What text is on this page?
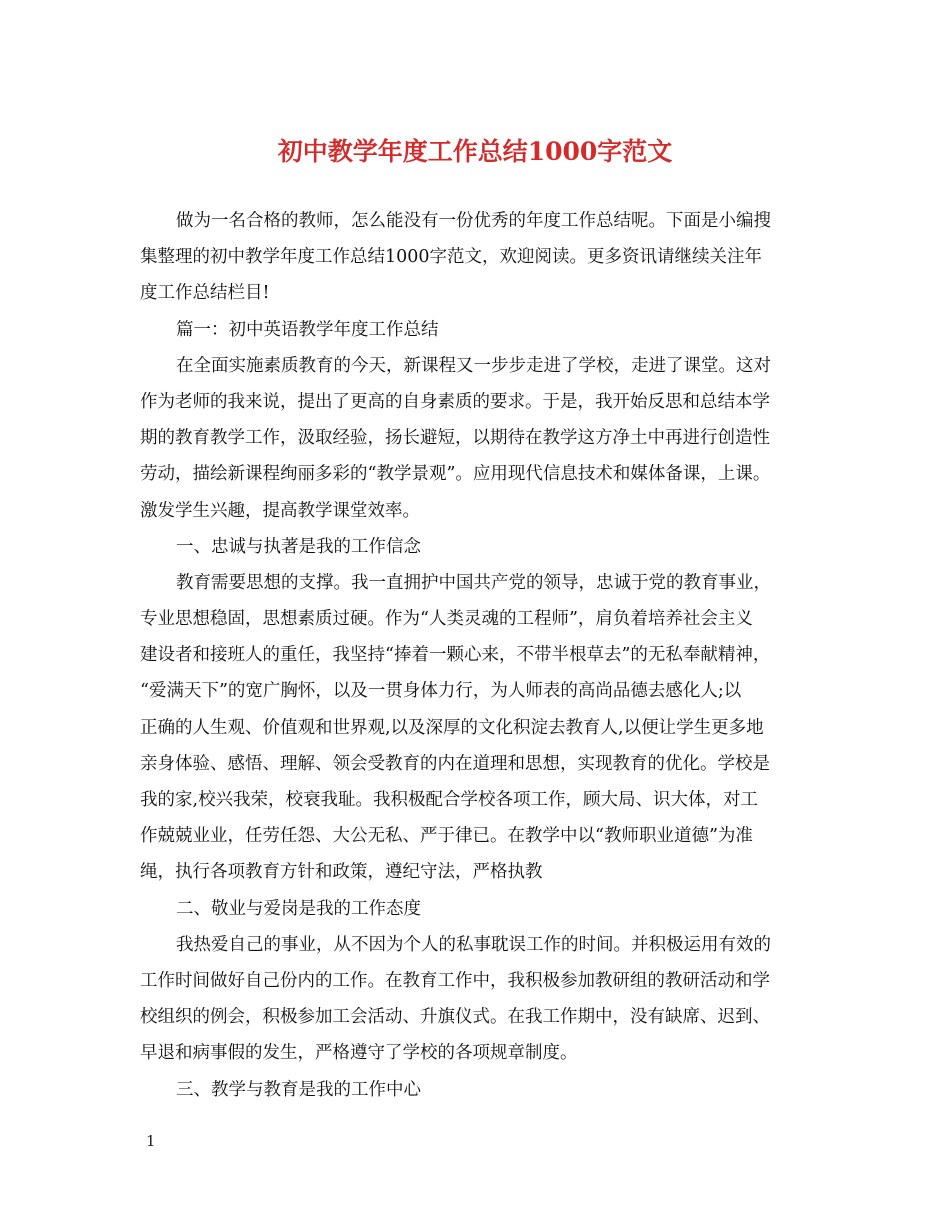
初中教学年度工作总结1000字范文
做为一名合格的教师，怎么能没有一份优秀的年度工作总结呢。下面是小编搜
集整理的初中教学年度工作总结1000字范文，欢迎阅读。更多资讯请继续关注年
度工作总结栏目!
篇一：初中英语教学年度工作总结
在全面实施素质教育的今天，新课程又一步步走进了学校，走进了课堂。这对
作为老师的我来说，提出了更高的自身素质的要求。于是，我开始反思和总结本学
期的教育教学工作，汲取经验，扬长避短，以期待在教学这方净土中再进行创造性
劳动，描绘新课程绚丽多彩的“教学景观”。应用现代信息技术和媒体备课，上课。
激发学生兴趣，提高教学课堂效率。
一、忠诚与执著是我的工作信念
教育需要思想的支撑。我一直拥护中国共产党的领导，忠诚于党的教育事业，
专业思想稳固，思想素质过硬。作为“人类灵魂的工程师”，肩负着培养社会主义
建设者和接班人的重任，我坚持“捧着一颗心来，不带半根草去”的无私奉献精神，
“爱满天下”的宽广胸怀，以及一贯身体力行，为人师表的高尚品德去感化人;以
正确的人生观、价值观和世界观,以及深厚的文化积淀去教育人,以便让学生更多地
亲身体验、感悟、理解、领会受教育的内在道理和思想，实现教育的优化。学校是
我的家,校兴我荣，校衰我耻。我积极配合学校各项工作，顾大局、识大体，对工
作兢兢业业，任劳任怨、大公无私、严于律已。在教学中以“教师职业道德”为准
绳，执行各项教育方针和政策，遵纪守法，严格执教
二、敬业与爱岗是我的工作态度
我热爱自己的事业，从不因为个人的私事耽误工作的时间。并积极运用有效的
工作时间做好自己份内的工作。在教育工作中，我积极参加教研组的教研活动和学
校组织的例会，积极参加工会活动、升旗仪式。在我工作期中，没有缺席、迟到、
早退和病事假的发生，严格遵守了学校的各项规章制度。
三、教学与教育是我的工作中心
1
